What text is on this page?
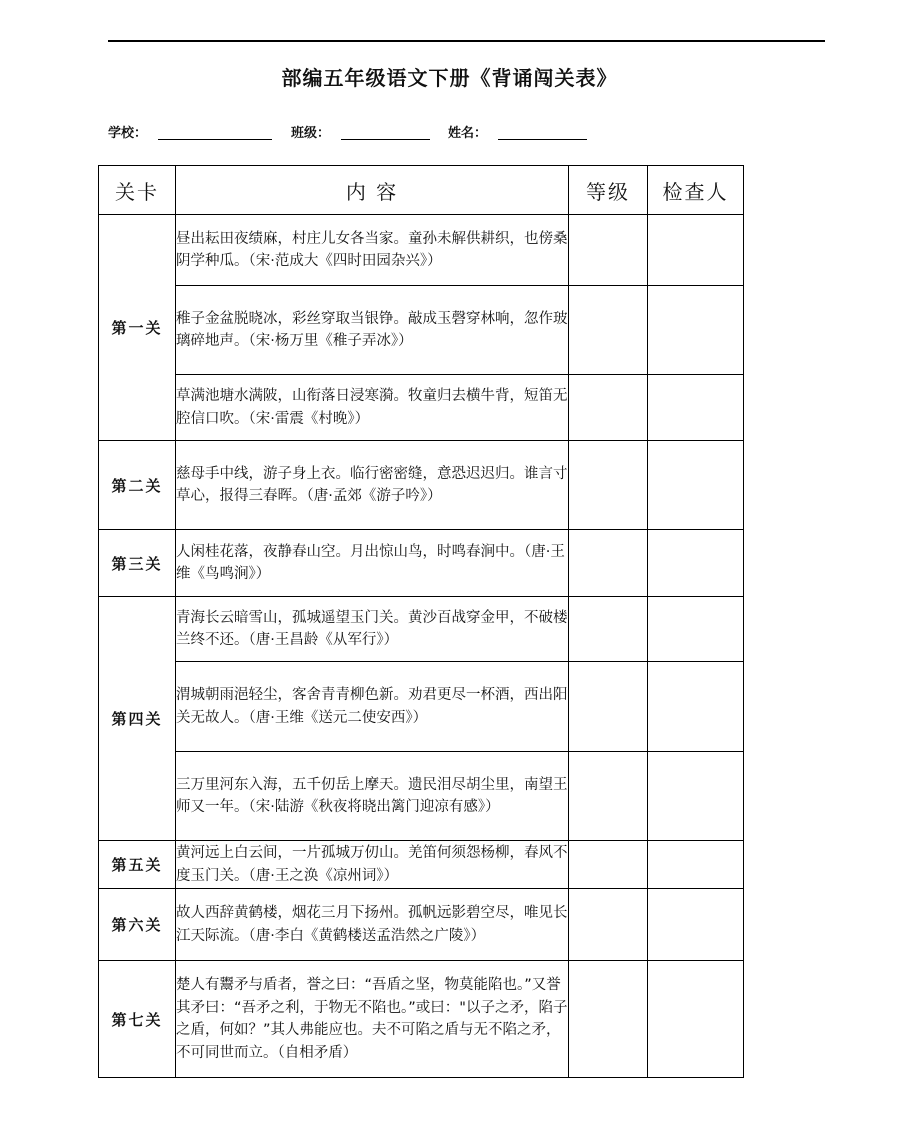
部编五年级语文下册《背诵闯关表》
学校：	班级：	姓名：
关卡	内 容	等级	检查人
第一关	昼出耘田夜绩麻，村庄儿女各当家。童孙未解供耕织，也傍桑阴学种瓜。（宋·范成大《四时田园杂兴》）		
	稚子金盆脱晓冰，彩丝穿取当银铮。敲成玉磬穿林响，忽作玻璃碎地声。（宋·杨万里《稚子弄冰》）		
	草满池塘水满陂，山衔落日浸寒漪。牧童归去横牛背，短笛无腔信口吹。（宋·雷震《村晚》）		
第二关	慈母手中线，游子身上衣。临行密密缝，意恐迟迟归。谁言寸草心，报得三春晖。（唐·孟郊《游子吟》）		
第三关	人闲桂花落，夜静春山空。月出惊山鸟，时鸣春涧中。（唐·王维《鸟鸣涧》）		
第四关	青海长云暗雪山，孤城遥望玉门关。黄沙百战穿金甲，不破楼兰终不还。（唐·王昌龄《从军行》）		
	渭城朝雨浥轻尘，客舍青青柳色新。劝君更尽一杯酒，西出阳关无故人。（唐·王维《送元二使安西》）		
	三万里河东入海，五千仞岳上摩天。遗民泪尽胡尘里，南望王师又一年。（宋·陆游《秋夜将晓出篱门迎凉有感》）		
第五关	黄河远上白云间，一片孤城万仞山。羌笛何须怨杨柳，春风不度玉门关。（唐·王之涣《凉州词》）		
第六关	故人西辞黄鹤楼，烟花三月下扬州。孤帆远影碧空尽，唯见长江天际流。（唐·李白《黄鹤楼送孟浩然之广陵》）		
第七关	楚人有鬻矛与盾者，誉之曰：“吾盾之坚，物莫能陷也。”又誉其矛曰：“吾矛之利，于物无不陷也。”或曰："以子之矛，陷子之盾，何如？”其人弗能应也。夫不可陷之盾与无不陷之矛，不可同世而立。（自相矛盾）		
